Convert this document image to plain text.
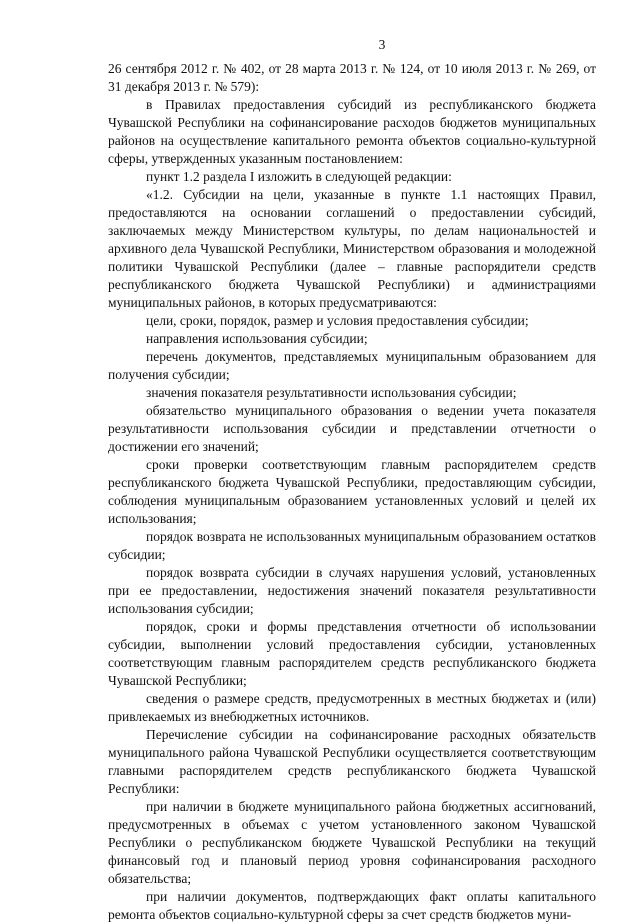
3

26 сентября 2012 г. № 402, от 28 марта 2013 г. № 124, от 10 июля 2013 г. № 269, от 31 декабря 2013 г. № 579):

в Правилах предоставления субсидий из республиканского бюджета Чувашской Республики на софинансирование расходов бюджетов муниципальных районов на осуществление капитального ремонта объектов социально-культурной сферы, утвержденных указанным постановлением:

пункт 1.2 раздела I изложить в следующей редакции:

«1.2. Субсидии на цели, указанные в пункте 1.1 настоящих Правил, предоставляются на основании соглашений о предоставлении субсидий, заключаемых между Министерством культуры, по делам национальностей и архивного дела Чувашской Республики, Министерством образования и молодежной политики Чувашской Республики (далее – главные распорядители средств республиканского бюджета Чувашской Республики) и администрациями муниципальных районов, в которых предусматриваются:

цели, сроки, порядок, размер и условия предоставления субсидии;

направления использования субсидии;

перечень документов, представляемых муниципальным образованием для получения субсидии;

значения показателя результативности использования субсидии;

обязательство муниципального образования о ведении учета показателя результативности использования субсидии и представлении отчетности о достижении его значений;

сроки проверки соответствующим главным распорядителем средств республиканского бюджета Чувашской Республики, предоставляющим субсидии, соблюдения муниципальным образованием установленных условий и целей их использования;

порядок возврата не использованных муниципальным образованием остатков субсидии;

порядок возврата субсидии в случаях нарушения условий, установленных при ее предоставлении, недостижения значений показателя результативности использования субсидии;

порядок, сроки и формы представления отчетности об использовании субсидии, выполнении условий предоставления субсидии, установленных соответствующим главным распорядителем средств республиканского бюджета Чувашской Республики;

сведения о размере средств, предусмотренных в местных бюджетах и (или) привлекаемых из внебюджетных источников.

Перечисление субсидии на софинансирование расходных обязательств муниципального района Чувашской Республики осуществляется соответствующим главными распорядителем средств республиканского бюджета Чувашской Республики:

при наличии в бюджете муниципального района бюджетных ассигнований, предусмотренных в объемах с учетом установленного законом Чувашской Республики о республиканском бюджете Чувашской Республики на текущий финансовый год и плановый период уровня софинансирования расходного обязательства;

при наличии документов, подтверждающих факт оплаты капитального ремонта объектов социально-культурной сферы за счет средств бюджетов муни-
